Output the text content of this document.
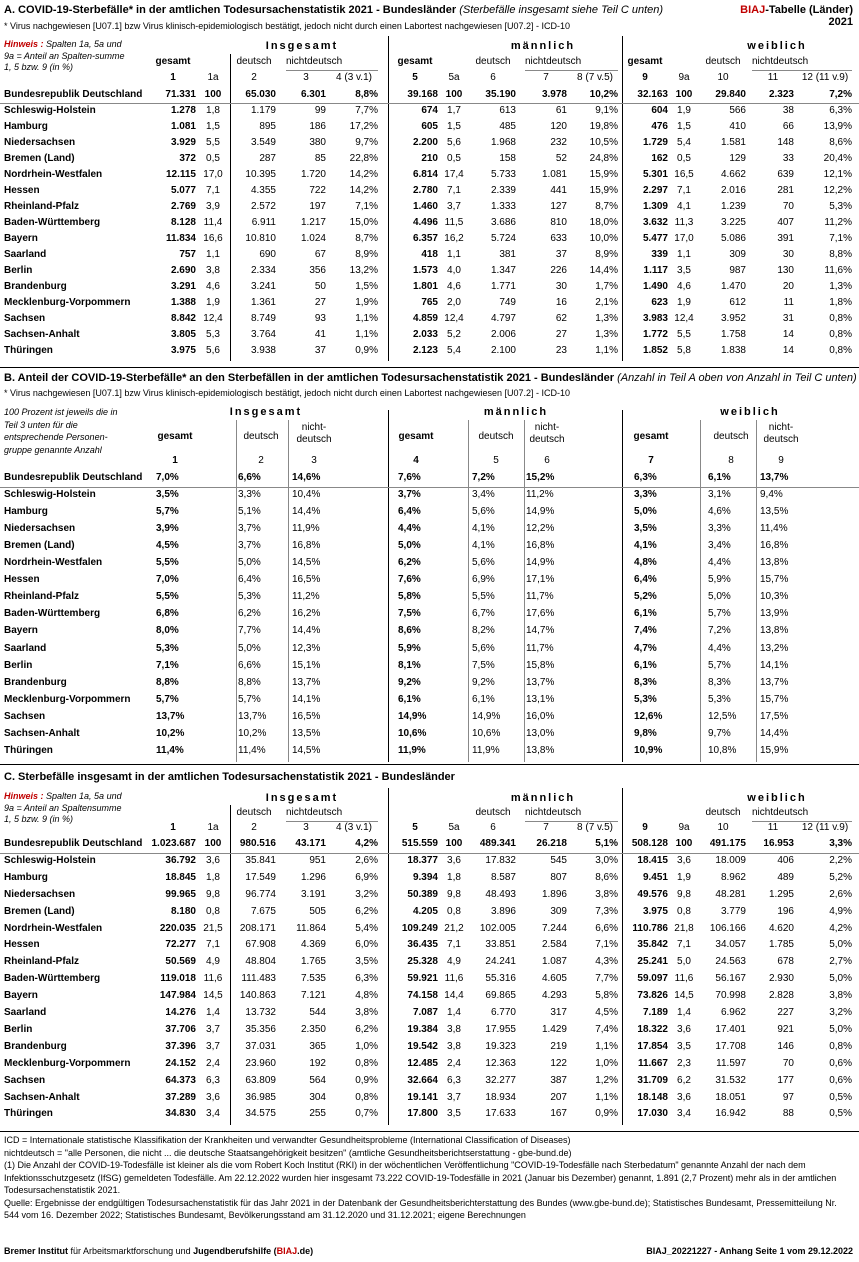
A. COVID-19-Sterbefälle* in der amtlichen Todesursachenstatistik 2021 - Bundesländer (Sterbefälle insgesamt siehe Teil C unten)	BIAJ-Tabelle (Länder)
2021
* Virus nachgewiesen [U07.1] bzw Virus klinisch-epidemiologisch bestätigt, jedoch nicht durch einen Labortest nachgewiesen [U07.2] - ICD-10
Hinweis : Spalten 1a, 5a und
9a = Anteil an Spalten-summe
1, 5 bzw. 9 (in %)
Insgesamt	männlich	weiblich
gesamt	deutsch	nichtdeutsch	gesamt	deutsch	nichtdeutsch	gesamt	deutsch	nichtdeutsch
1	1a	2	3	4 (3 v.1)	5	5a	6	7	8 (7 v.5)	9	9a	10	11	12 (11 v.9)
Bundesrepublik Deutschland	71.331 100	65.030	6.301	8,8%	39.168 100	35.190	3.978	10,2%	32.163 100	29.840	2.323	7,2%
Schleswig-Holstein	1.278	1,8	1.179	99	7,7%	674 1,7	613	61	9,1%	604 1,9	566	38	6,3%
Hamburg	1.081	1,5	895	186	17,2%	605 1,5	485	120	19,8%	476 1,5	410	66	13,9%
Niedersachsen	3.929	5,5	3.549	380	9,7%	2.200 5,6	1.968	232	10,5%	1.729 5,4	1.581	148	8,6%
Bremen (Land)	372	0,5	287	85	22,8%	210 0,5	158	52	24,8%	162 0,5	129	33	20,4%
Nordrhein-Westfalen	12.115 17,0	10.395	1.720	14,2%	6.814 17,4	5.733	1.081	15,9%	5.301 16,5	4.662	639	12,1%
Hessen	5.077	7,1	4.355	722	14,2%	2.780 7,1	2.339	441	15,9%	2.297 7,1	2.016	281	12,2%
Rheinland-Pfalz	2.769	3,9	2.572	197	7,1%	1.460 3,7	1.333	127	8,7%	1.309 4,1	1.239	70	5,3%
Baden-Württemberg	8.128 11,4	6.911	1.217	15,0%	4.496 11,5	3.686	810	18,0%	3.632 11,3	3.225	407	11,2%
Bayern	11.834 16,6	10.810	1.024	8,7%	6.357 16,2	5.724	633	10,0%	5.477 17,0	5.086	391	7,1%
Saarland	757	1,1	690	67	8,9%	418 1,1	381	37	8,9%	339 1,1	309	30	8,8%
Berlin	2.690	3,8	2.334	356	13,2%	1.573 4,0	1.347	226	14,4%	1.117 3,5	987	130	11,6%
Brandenburg	3.291	4,6	3.241	50	1,5%	1.801 4,6	1.771	30	1,7%	1.490 4,6	1.470	20	1,3%
Mecklenburg-Vorpommern	1.388	1,9	1.361	27	1,9%	765 2,0	749	16	2,1%	623 1,9	612	11	1,8%
Sachsen	8.842 12,4	8.749	93	1,1%	4.859 12,4	4.797	62	1,3%	3.983 12,4	3.952	31	0,8%
Sachsen-Anhalt	3.805	5,3	3.764	41	1,1%	2.033 5,2	2.006	27	1,3%	1.772 5,5	1.758	14	0,8%
Thüringen	3.975	5,6	3.938	37	0,9%	2.123 5,4	2.100	23	1,1%	1.852 5,8	1.838	14	0,8%
B. Anteil der COVID-19-Sterbefälle* an den Sterbefällen in der amtlichen Todesursachenstatistik 2021 - Bundesländer (Anzahl in Teil A oben von Anzahl in Teil C unten)
* Virus nachgewiesen [U07.1] bzw Virus klinisch-epidemiologisch bestätigt, jedoch nicht durch einen Labortest nachgewiesen [U07.2] - ICD-10
100 Prozent ist jeweils die in
Teil 3 unten für die
entsprechende Personen-
gruppe genannte Anzahl
Insgesamt	männlich	weiblich
gesamt	deutsch
nicht-
deutsch	gesamt	deutsch
nicht-
deutsch	gesamt	deutsch
nicht-
deutsch
1	2	3	4	5	6	7	8	9
Bundesrepublik Deutschland 7,0%	6,6%	14,6%	7,6%	7,2%	15,2%	6,3%	6,1%	13,7%
Schleswig-Holstein	3,5%	3,3%	10,4%	3,7%	3,4%	11,2%	3,3%	3,1%	9,4%
Hamburg	5,7%	5,1%	14,4%	6,4%	5,6%	14,9%	5,0%	4,6%	13,5%
Niedersachsen	3,9%	3,7%	11,9%	4,4%	4,1%	12,2%	3,5%	3,3%	11,4%
Bremen (Land)	4,5%	3,7%	16,8%	5,0%	4,1%	16,8%	4,1%	3,4%	16,8%
Nordrhein-Westfalen	5,5%	5,0%	14,5%	6,2%	5,6%	14,9%	4,8%	4,4%	13,8%
Hessen	7,0%	6,4%	16,5%	7,6%	6,9%	17,1%	6,4%	5,9%	15,7%
Rheinland-Pfalz	5,5%	5,3%	11,2%	5,8%	5,5%	11,7%	5,2%	5,0%	10,3%
Baden-Württemberg	6,8%	6,2%	16,2%	7,5%	6,7%	17,6%	6,1%	5,7%	13,9%
Bayern	8,0%	7,7%	14,4%	8,6%	8,2%	14,7%	7,4%	7,2%	13,8%
Saarland	5,3%	5,0%	12,3%	5,9%	5,6%	11,7%	4,7%	4,4%	13,2%
Berlin	7,1%	6,6%	15,1%	8,1%	7,5%	15,8%	6,1%	5,7%	14,1%
Brandenburg	8,8%	8,8%	13,7%	9,2%	9,2%	13,7%	8,3%	8,3%	13,7%
Mecklenburg-Vorpommern	5,7%	5,7%	14,1%	6,1%	6,1%	13,1%	5,3%	5,3%	15,7%
Sachsen	13,7%	13,7%	16,5%	14,9%	14,9%	16,0%	12,6%	12,5% 17,5%
Sachsen-Anhalt	10,2%	10,2%	13,5%	10,6%	10,6%	13,0%	9,8%	9,7%	14,4%
Thüringen	11,4%	11,4%	14,5%	11,9%	11,9%	13,8%	10,9%	10,8% 15,9%
C. Sterbefälle insgesamt in der amtlichen Todesursachenstatistik 2021 - Bundesländer
Hinweis : Spalten 1a, 5a und
9a = Anteil an Spaltensumme
1, 5 bzw. 9 (in %)
Insgesamt	männlich	weiblich
deutsch	nichtdeutsch	deutsch	nichtdeutsch	deutsch	nichtdeutsch
1	1a	2	3	4 (3 v.1)	5	5a	6	7	8 (7 v.5)	9	9a	10	11	12 (11 v.9)
Bundesrepublik Deutschland 1.023.687 100	980.516	43.171	4,2%	515.559 100	489.341	26.218	5,1%	508.128 100	491.175	16.953	3,3%
Schleswig-Holstein	36.792	3,6	35.841	951	2,6%	18.377 3,6	17.832	545	3,0%	18.415 3,6	18.009	406	2,2%
Hamburg	18.845	1,8	17.549	1.296	6,9%	9.394 1,8	8.587	807	8,6%	9.451 1,9	8.962	489	5,2%
Niedersachsen	99.965	9,8	96.774	3.191	3,2%	50.389 9,8	48.493	1.896	3,8%	49.576 9,8	48.281	1.295	2,6%
Bremen (Land)	8.180	0,8	7.675	505	6,2%	4.205 0,8	3.896	309	7,3%	3.975 0,8	3.779	196	4,9%
Nordrhein-Westfalen	220.035 21,5	208.171	11.864	5,4%	109.249 21,2	102.005	7.244	6,6%	110.786 21,8	106.166	4.620	4,2%
Hessen	72.277	7,1	67.908	4.369	6,0%	36.435 7,1	33.851	2.584	7,1%	35.842 7,1	34.057	1.785	5,0%
Rheinland-Pfalz	50.569	4,9	48.804	1.765	3,5%	25.328 4,9	24.241	1.087	4,3%	25.241 5,0	24.563	678	2,7%
Baden-Württemberg	119.018 11,6	111.483	7.535	6,3%	59.921 11,6	55.316	4.605	7,7%	59.097 11,6	56.167	2.930	5,0%
Bayern	147.984 14,5	140.863	7.121	4,8%	74.158 14,4	69.865	4.293	5,8%	73.826 14,5	70.998	2.828	3,8%
Saarland	14.276	1,4	13.732	544	3,8%	7.087 1,4	6.770	317	4,5%	7.189 1,4	6.962	227	3,2%
Berlin	37.706	3,7	35.356	2.350	6,2%	19.384 3,8	17.955	1.429	7,4%	18.322 3,6	17.401	921	5,0%
Brandenburg	37.396	3,7	37.031	365	1,0%	19.542 3,8	19.323	219	1,1%	17.854 3,5	17.708	146	0,8%
Mecklenburg-Vorpommern	24.152	2,4	23.960	192	0,8%	12.485 2,4	12.363	122	1,0%	11.667 2,3	11.597	70	0,6%
Sachsen	64.373	6,3	63.809	564	0,9%	32.664 6,3	32.277	387	1,2%	31.709 6,2	31.532	177	0,6%
Sachsen-Anhalt	37.289	3,6	36.985	304	0,8%	19.141 3,7	18.934	207	1,1%	18.148 3,6	18.051	97	0,5%
Thüringen	34.830	3,4	34.575	255	0,7%	17.800 3,5	17.633	167	0,9%	17.030 3,4	16.942	88	0,5%

ICD = Internationale statistische Klassifikation der Krankheiten und verwandter Gesundheitsprobleme (International Classification of Diseases)

nichtdeutsch = "alle Personen, die nicht ... die deutsche Staatsangehörigkeit besitzen" (amtliche Gesundheitsberichtserstattung - gbe-bund.de)

(1) Die Anzahl der COVID-19-Todesfälle ist kleiner als die vom Robert Koch Institut (RKI) in der wöchentlichen Veröffentlichung "COVID-19-Todesfälle nach Sterbedatum" genannte Anzahl der nach dem Infektionsschutzgesetz (IfSG) gemeldeten Todesfälle. Am 22.12.2022 wurden hier insgesamt 73.222 COVID-19-Todesfälle in 2021 (Januar bis Dezember) genannt, 1.891 (2,7 Prozent) mehr als in der amtlichen Todesursachenstatistik 2021.

Quelle: Ergebnisse der endgültigen Todesursachenstatistik für das Jahr 2021 in der Datenbank der Gesundheitsberichterstattung des Bundes (www.gbe-bund.de); Statistisches Bundesamt, Pressemitteilung Nr. 544 vom 16. Dezember 2022; Statistisches Bundesamt, Bevölkerungsstand am 31.12.2020 und 31.12.2021; eigene Berechnungen

Bremer Institut für Arbeitsmarktforschung und Jugendberufshilfe (BIAJ.de)	BIAJ_20221227 - Anhang Seite 1 vom 29.12.2022
